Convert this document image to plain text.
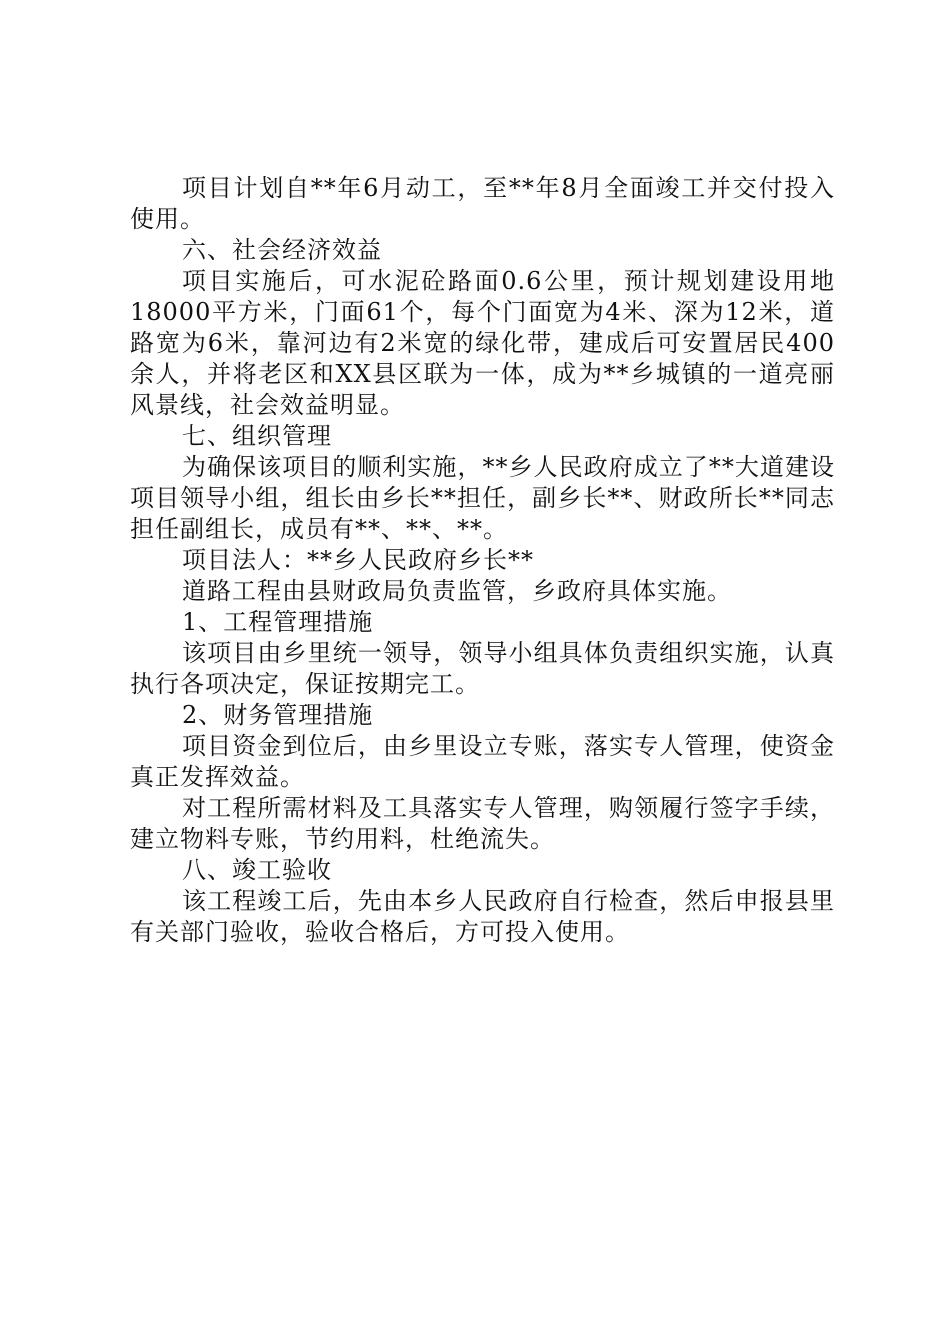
项目计划自**年6月动工，至**年8月全面竣工并交付投入使用。

六、社会经济效益

项目实施后，可水泥砼路面0.6公里，预计规划建设用地18000平方米，门面61个，每个门面宽为4米、深为12米，道路宽为6米，靠河边有2米宽的绿化带，建成后可安置居民400余人，并将老区和XX县区联为一体，成为**乡城镇的一道亮丽风景线，社会效益明显。

七、组织管理

为确保该项目的顺利实施，**乡人民政府成立了**大道建设项目领导小组，组长由乡长**担任，副乡长**、财政所长**同志担任副组长，成员有**、**、**。

项目法人：**乡人民政府乡长**

道路工程由县财政局负责监管，乡政府具体实施。

1、工程管理措施

该项目由乡里统一领导，领导小组具体负责组织实施，认真执行各项决定，保证按期完工。

2、财务管理措施

项目资金到位后，由乡里设立专账，落实专人管理，使资金真正发挥效益。

对工程所需材料及工具落实专人管理，购领履行签字手续，建立物料专账，节约用料，杜绝流失。

八、竣工验收

该工程竣工后，先由本乡人民政府自行检查，然后申报县里有关部门验收，验收合格后，方可投入使用。
